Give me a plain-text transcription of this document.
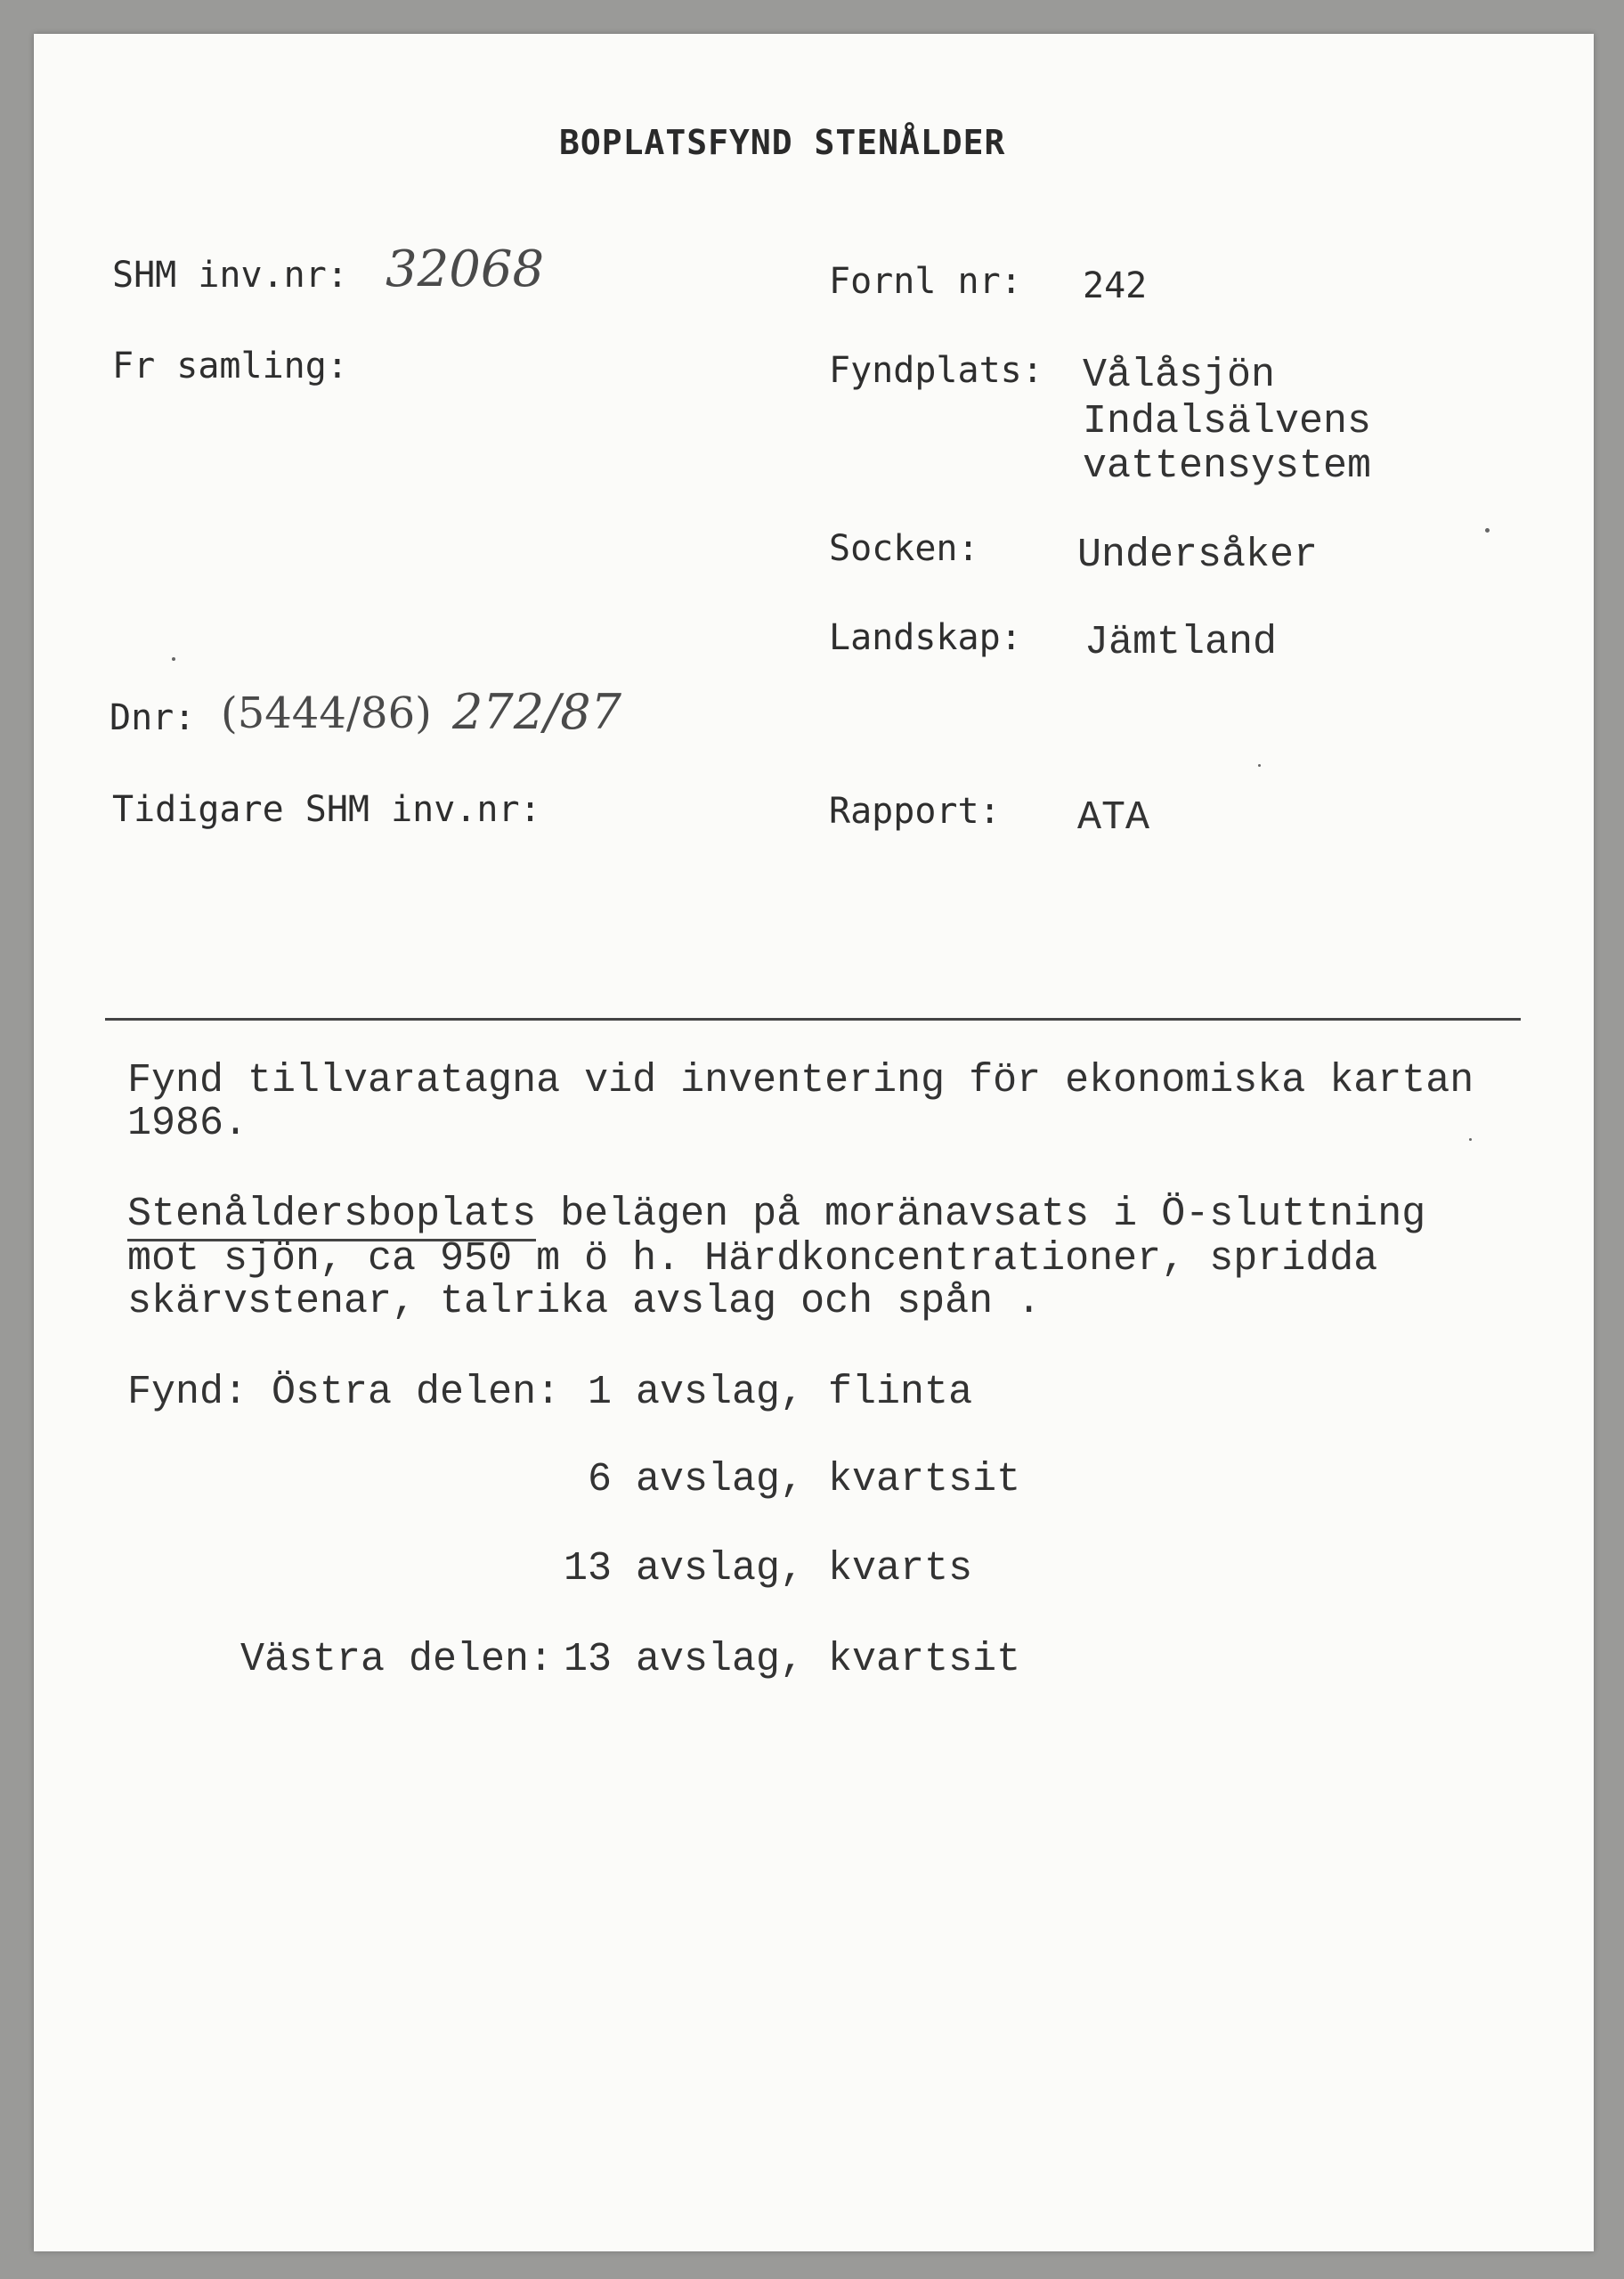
BOPLATSFYND STENÅLDER
SHM inv.nr: 32068
Fr samling:
Dnr: (5444/86) 272/87
Tidigare SHM inv.nr:
Fornl nr: 242
Fyndplats: Vålåsjön
Indalsälvens
vattensystem
Socken: Undersåker
Landskap: Jämtland
Rapport: ATA
Fynd tillvaratagna vid inventering för ekonomiska kartan
1986.
Stenåldersboplats belägen på moränavsats i Ö-sluttning
mot sjön, ca 950 m ö h. Härdkoncentrationer, spridda
skärvstenar, talrika avslag och spån .
Fynd: Östra delen: 1 avslag, flinta
6 avslag, kvartsit
13 avslag, kvarts
Västra delen: 13 avslag, kvartsit
